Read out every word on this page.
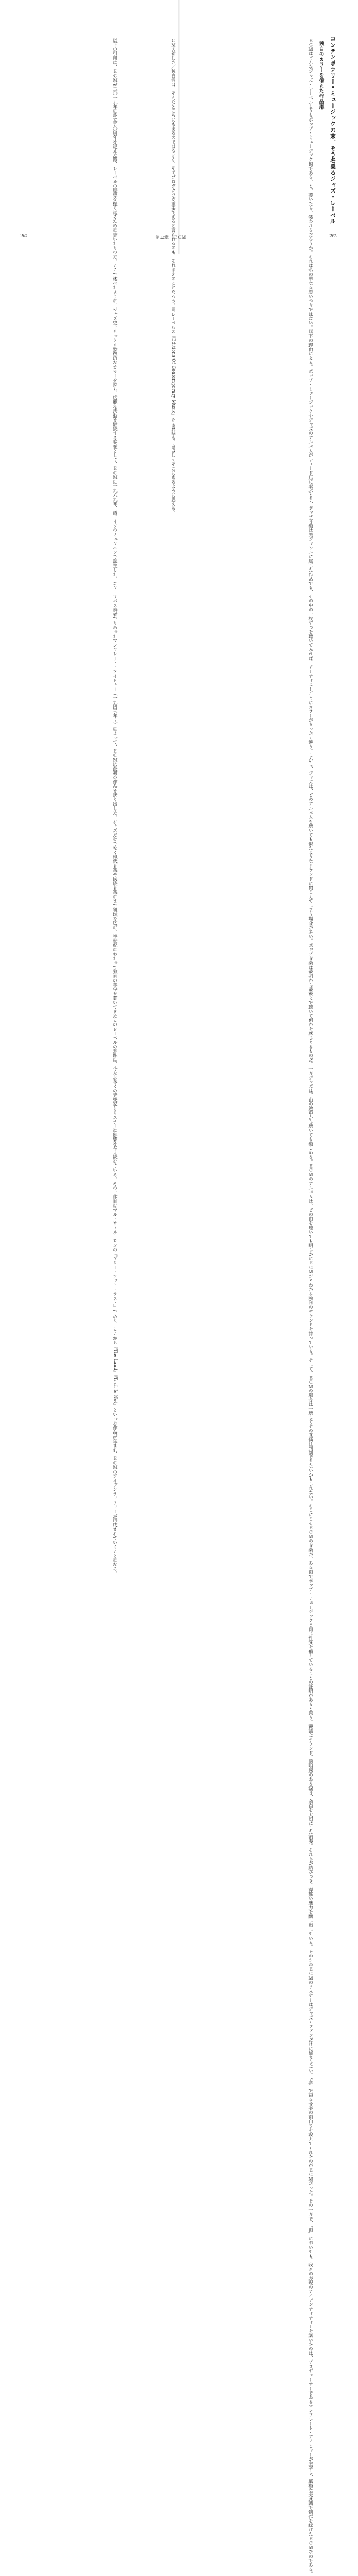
コンテンポラリー・ミュージックの末、そう名乗るジャズ・レーベル
独自のカラーを備えた作品群
ＥＣＭはどんなジャズ・レーベルよりもポップ・ミュージック的である、と、書いたら、笑われるだろうか。それは私の単なる思いつきではない。以下の理由による。ポップ・ミュージックやジャズのアルバムがレコード店に並ぶとき、ポップ音楽は異ジャンルに属した作品でも、その中の一枚ずつを聴いてみれば、アーティストごとにカラーがまったく違う。しかし、ジャズは、どのアルバムを聴いても似たようなサウンドに聞こえてしまう場合が多い。ポップ音楽は最初から最後まで聴いて何かを感じとるものだ。一方ジャズは、曲の途中から聴いても楽しめる。ＥＣＭのアルバムは、どの曲を聴いても明らかにＥＣＭだとわかる独自のサウンドを持っている。そして、ＥＣＭの場合は一聴してその真価は判別できないかもしれない。そこにこそＥＣＭの音楽が、ある面でポップ・ミュージックと同じ性質を備えていることの証明があると思う。静謐なサウンド、透明感のある録音、余白を大切にした演奏。それらが結びつき、得難い魅力を醸し出している。そのためＥＣＭのリスナーはジャズ・ファンだけに留まらない。〝点〟で語る音楽の面白さを教えてくれたのがＥＣＭだった。その一方で、〝面〟においても、我々の表現のアイデンティティーを築いたのは、プロデューサーであるマンフレート・アイヒャーが主宰し、厳格な美意識で制作を続けたＥＣＭなのである。
ＣＭの新しさ／独自性は、そんなところにもあるのではないか。そのプロダクツが重要であると言われるのも、それゆえのことだろう。同レーベルの『Editions Of Contemporary Music』たる意味も、まさしくそこにあるように思える。
以下の引用は、ＥＣＭが二〇一九年に設立五〇周年を迎えた際、レーベルの歴史を振り返るために書いたものだ。ここで述べたように、ジャズ史上もっとも特徴的なカラーを持ち、広範な活動を継続する存在として、ＥＣＭは一九六九年、西ドイツのミュンヘンで誕生した。コントラバス奏者でもあったマンフレート・アイヒャー（一九四三年〜）によって、ＥＣＭは最初の作品を送り出した。ジャズだけでなく現代音楽や民族音楽にまで領域を広げ、半世紀にわたって独自の美学を貫いてきたこのレーベルの足跡は、今なお多くの音楽家とリスナーに影響を与え続けている。その一作目はマル・ウォルドロンの『フリー・アット・ラスト』であり、ここから『The Land』『Trail Is Not』といった作品が生まれ、ＥＣＭのアイデンティティーが形成されていくことになる。
261	第12章 ＥＣＭ	260
